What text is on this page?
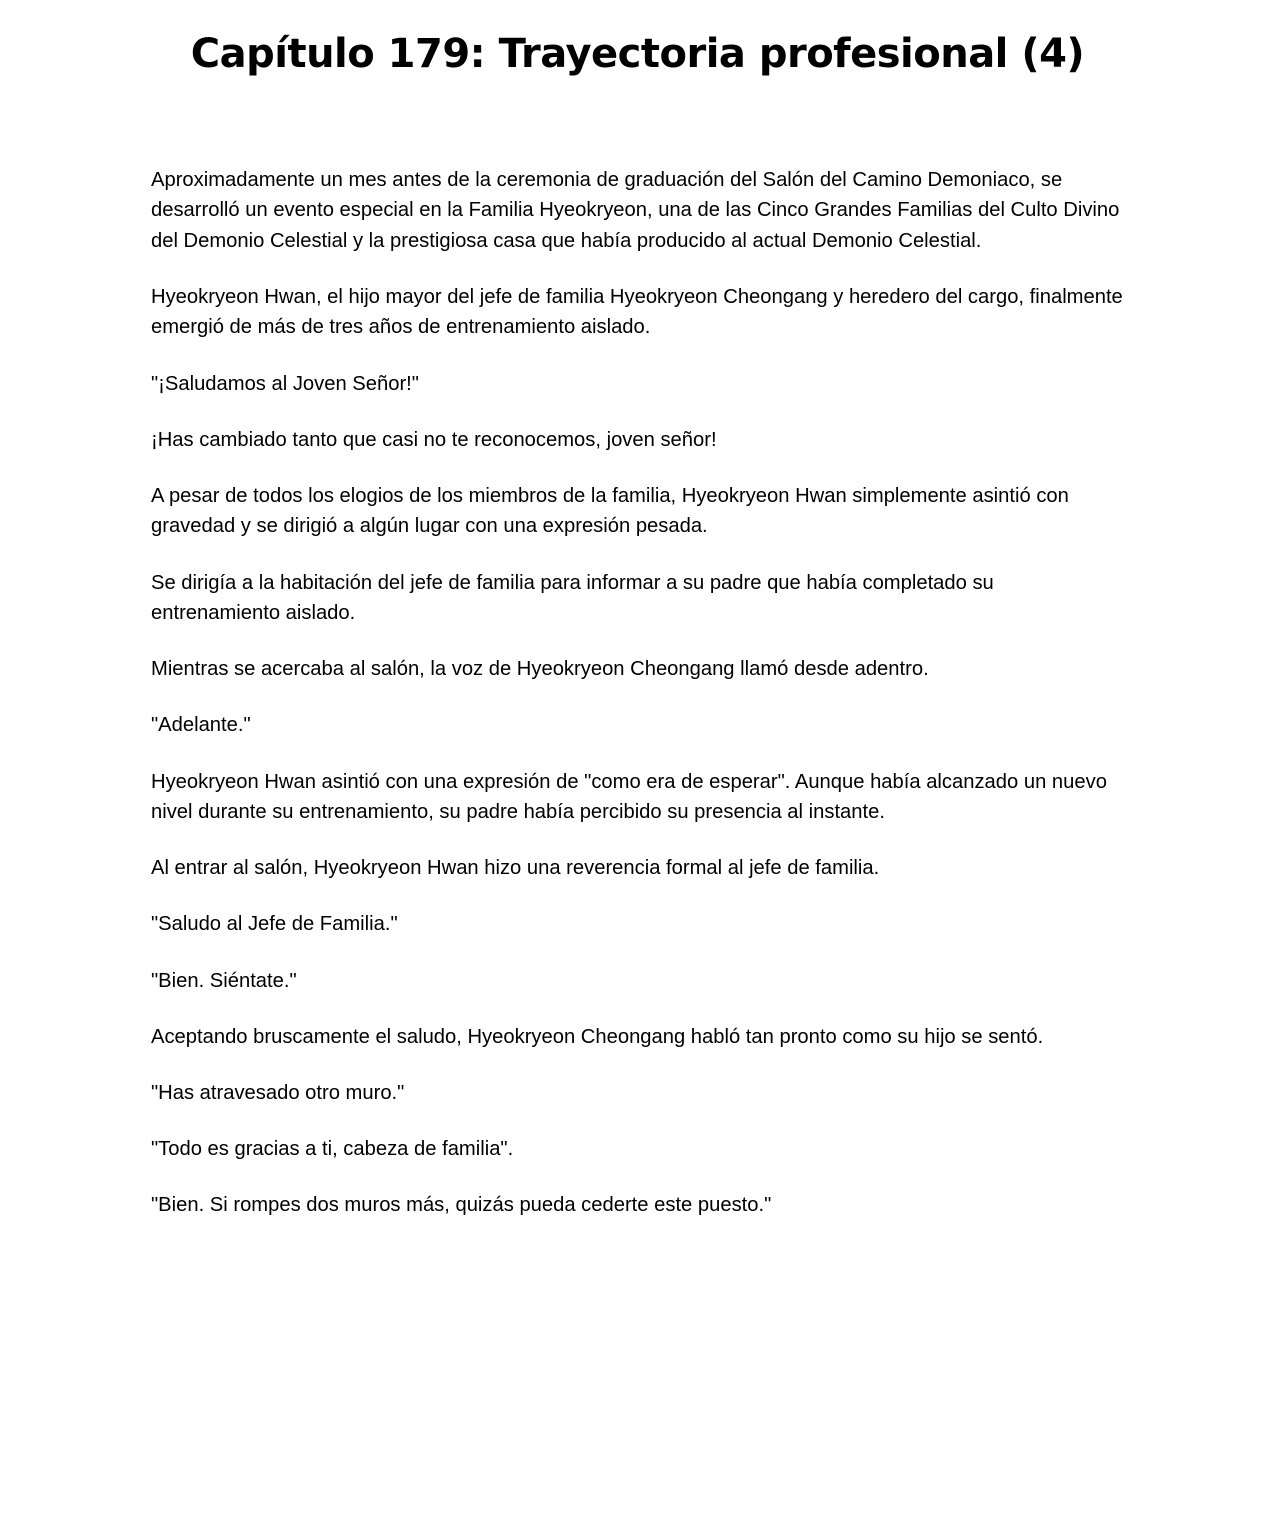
Capítulo 179: Trayectoria profesional (4)

Aproximadamente un mes antes de la ceremonia de graduación del Salón del Camino Demoniaco, se desarrolló un evento especial en la Familia Hyeokryeon, una de las Cinco Grandes Familias del Culto Divino del Demonio Celestial y la prestigiosa casa que había producido al actual Demonio Celestial.

Hyeokryeon Hwan, el hijo mayor del jefe de familia Hyeokryeon Cheongang y heredero del cargo, finalmente emergió de más de tres años de entrenamiento aislado.

"¡Saludamos al Joven Señor!"

¡Has cambiado tanto que casi no te reconocemos, joven señor!

A pesar de todos los elogios de los miembros de la familia, Hyeokryeon Hwan simplemente asintió con gravedad y se dirigió a algún lugar con una expresión pesada.

Se dirigía a la habitación del jefe de familia para informar a su padre que había completado su entrenamiento aislado.

Mientras se acercaba al salón, la voz de Hyeokryeon Cheongang llamó desde adentro.

"Adelante."

Hyeokryeon Hwan asintió con una expresión de "como era de esperar". Aunque había alcanzado un nuevo nivel durante su entrenamiento, su padre había percibido su presencia al instante.

Al entrar al salón, Hyeokryeon Hwan hizo una reverencia formal al jefe de familia.

"Saludo al Jefe de Familia."

"Bien. Siéntate."

Aceptando bruscamente el saludo, Hyeokryeon Cheongang habló tan pronto como su hijo se sentó.

"Has atravesado otro muro."

"Todo es gracias a ti, cabeza de familia".

"Bien. Si rompes dos muros más, quizás pueda cederte este puesto."
